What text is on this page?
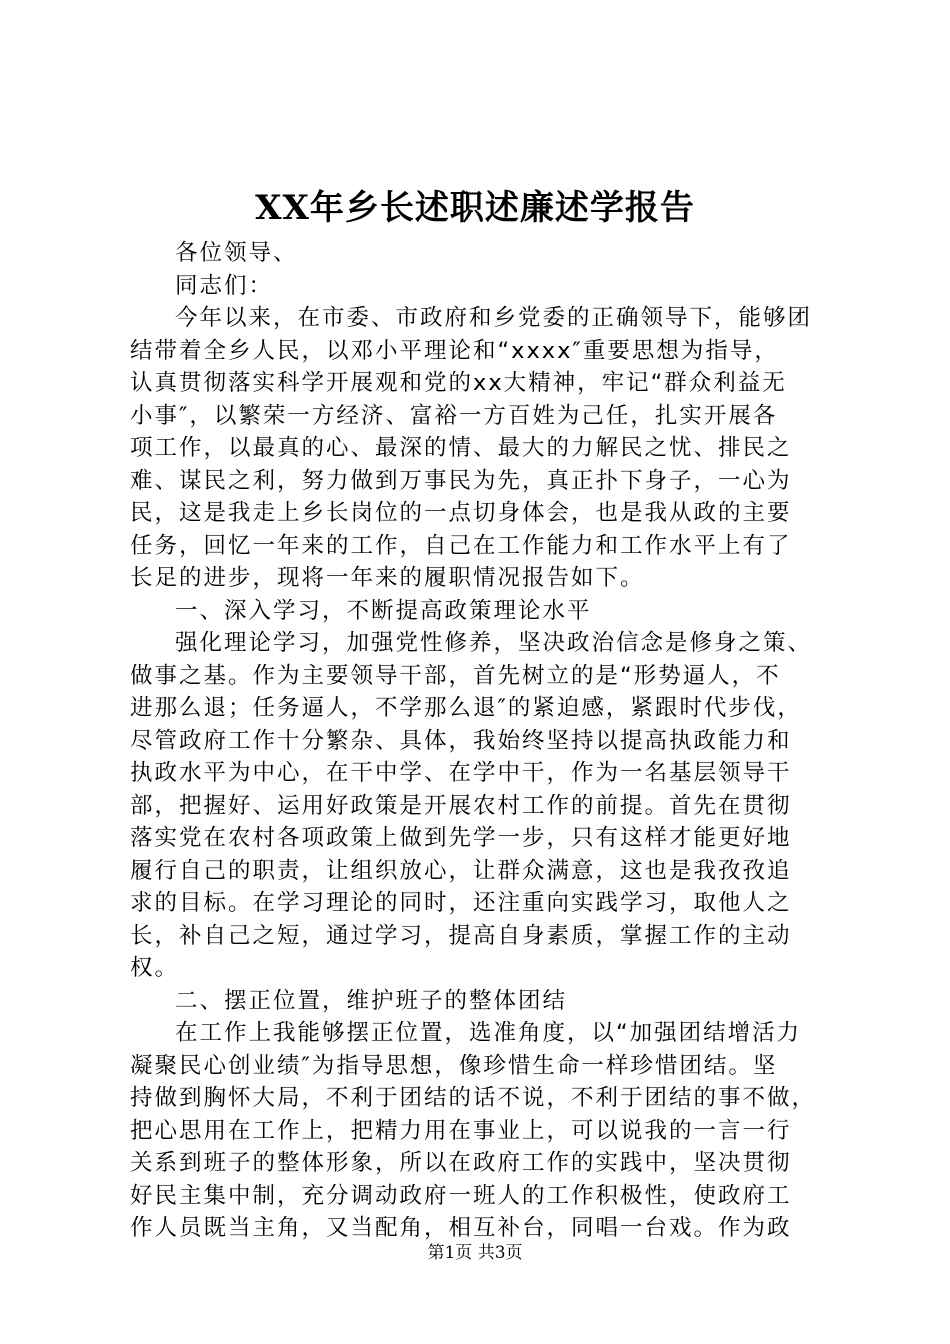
XX年乡长述职述廉述学报告
各位领导、
同志们：
今年以来，在市委、市政府和乡党委的正确领导下，能够团
结带着全乡人民，以邓小平理论和“xxxx″重要思想为指导，
认真贯彻落实科学开展观和党的xx大精神，牢记“群众利益无
小事″，以繁荣一方经济、富裕一方百姓为己任，扎实开展各
项工作，以最真的心、最深的情、最大的力解民之忧、排民之
难、谋民之利，努力做到万事民为先，真正扑下身子，一心为
民，这是我走上乡长岗位的一点切身体会，也是我从政的主要
任务，回忆一年来的工作，自己在工作能力和工作水平上有了
长足的进步，现将一年来的履职情况报告如下。
一、深入学习，不断提高政策理论水平
强化理论学习，加强党性修养，坚决政治信念是修身之策、
做事之基。作为主要领导干部，首先树立的是“形势逼人，不
进那么退；任务逼人，不学那么退″的紧迫感，紧跟时代步伐，
尽管政府工作十分繁杂、具体，我始终坚持以提高执政能力和
执政水平为中心，在干中学、在学中干，作为一名基层领导干
部，把握好、运用好政策是开展农村工作的前提。首先在贯彻
落实党在农村各项政策上做到先学一步，只有这样才能更好地
履行自己的职责，让组织放心，让群众满意，这也是我孜孜追
求的目标。在学习理论的同时，还注重向实践学习，取他人之
长，补自己之短，通过学习，提高自身素质，掌握工作的主动
权。
二、摆正位置，维护班子的整体团结
在工作上我能够摆正位置，选准角度，以“加强团结增活力
凝聚民心创业绩″为指导思想，像珍惜生命一样珍惜团结。坚
持做到胸怀大局，不利于团结的话不说，不利于团结的事不做，
把心思用在工作上，把精力用在事业上，可以说我的一言一行
关系到班子的整体形象，所以在政府工作的实践中，坚决贯彻
好民主集中制，充分调动政府一班人的工作积极性，使政府工
作人员既当主角，又当配角，相互补台，同唱一台戏。作为政
第1页 共3页
